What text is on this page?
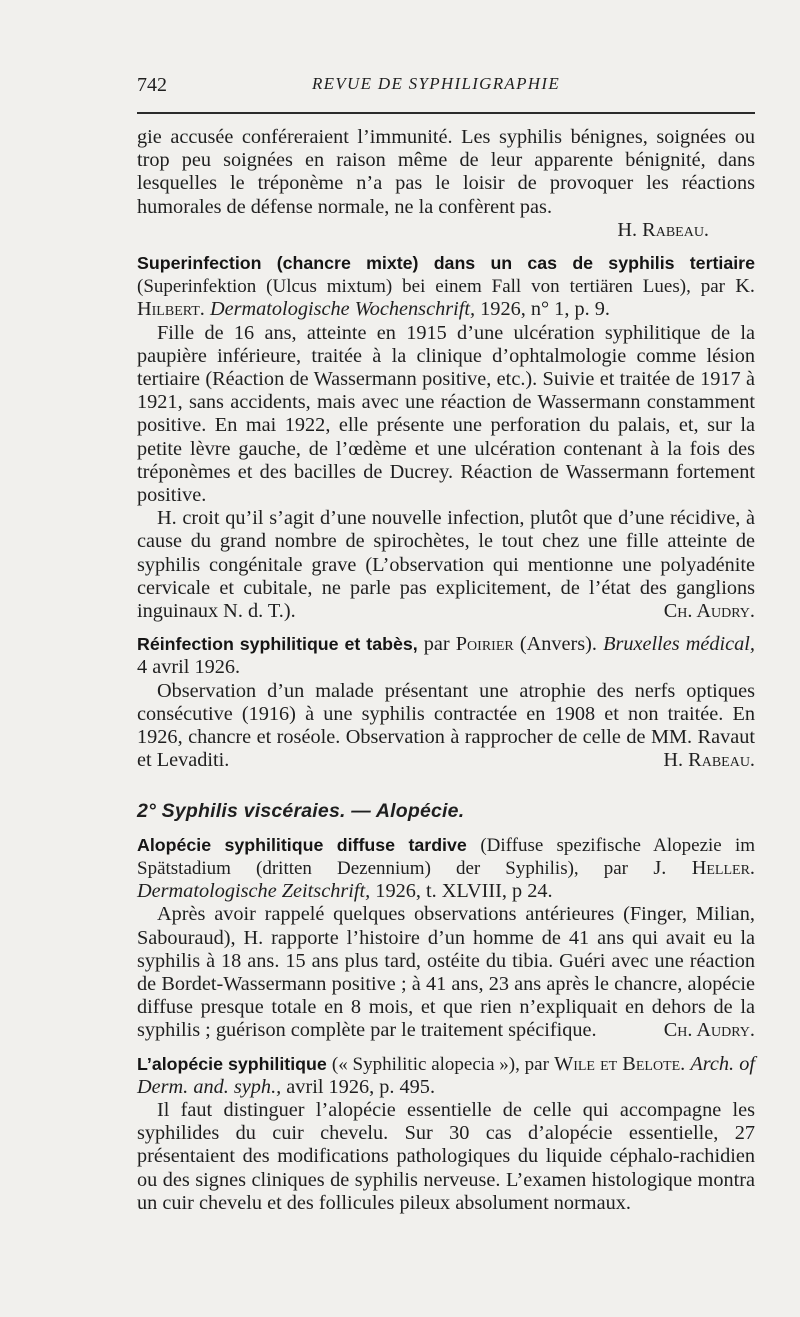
742	REVUE DE SYPHILIGRAPHIE

gie accusée conféreraient l’immunité. Les syphilis bénignes, soignées ou trop peu soignées en raison même de leur apparente bénignité, dans lesquelles le tréponème n’a pas le loisir de provoquer les réactions humorales de défense normale, ne la confèrent pas.

H. Rabeau.

Superinfection (chancre mixte) dans un cas de syphilis tertiaire (Superinfektion (Ulcus mixtum) bei einem Fall von tertiären Lues), par K. Hilbert. Dermatologische Wochenschrift, 1926, n° 1, p. 9.

Fille de 16 ans, atteinte en 1915 d’une ulcération syphilitique de la paupière inférieure, traitée à la clinique d’ophtalmologie comme lésion tertiaire (Réaction de Wassermann positive, etc.). Suivie et traitée de 1917 à 1921, sans accidents, mais avec une réaction de Wassermann constamment positive. En mai 1922, elle présente une perforation du palais, et, sur la petite lèvre gauche, de l’œdème et une ulcération contenant à la fois des tréponèmes et des bacilles de Ducrey. Réaction de Wassermann fortement positive.

H. croit qu’il s’agit d’une nouvelle infection, plutôt que d’une récidive, à cause du grand nombre de spirochètes, le tout chez une fille atteinte de syphilis congénitale grave (L’observation qui mentionne une polyadénite cervicale et cubitale, ne parle pas explicitement, de l’état des ganglions inguinaux N. d. T.).	Ch. Audry.

Réinfection syphilitique et tabès, par Poirier (Anvers). Bruxelles médical, 4 avril 1926.

Observation d’un malade présentant une atrophie des nerfs optiques consécutive (1916) à une syphilis contractée en 1908 et non traitée. En 1926, chancre et roséole. Observation à rapprocher de celle de MM. Ravaut et Levaditi.	H. Rabeau.

2° Syphilis viscéraies. — Alopécie.

Alopécie syphilitique diffuse tardive (Diffuse spezifische Alopezie im Spätstadium (dritten Dezennium) der Syphilis), par J. Heller. Dermatologische Zeitschrift, 1926, t. XLVIII, p 24.

Après avoir rappelé quelques observations antérieures (Finger, Milian, Sabouraud), H. rapporte l’histoire d’un homme de 41 ans qui avait eu la syphilis à 18 ans. 15 ans plus tard, ostéite du tibia. Guéri avec une réaction de Bordet-Wassermann positive ; à 41 ans, 23 ans après le chancre, alopécie diffuse presque totale en 8 mois, et que rien n’expliquait en dehors de la syphilis ; guérison complète par le traitement spécifique.	Ch. Audry.

L’alopécie syphilitique (« Syphilitic alopecia »), par Wile et Belote. Arch. of Derm. and. syph., avril 1926, p. 495.

Il faut distinguer l’alopécie essentielle de celle qui accompagne les syphilides du cuir chevelu. Sur 30 cas d’alopécie essentielle, 27 présentaient des modifications pathologiques du liquide céphalo-rachidien ou des signes cliniques de syphilis nerveuse. L’examen histologique montra un cuir chevelu et des follicules pileux absolument normaux.
